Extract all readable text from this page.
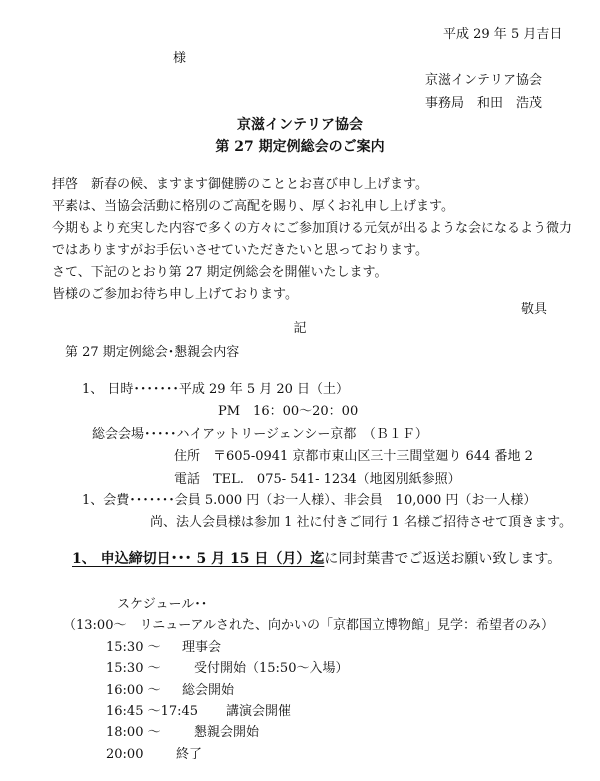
平成 29 年 5 月吉日
様
京滋インテリア協会
事務局　和田　浩茂
京滋インテリア協会
第 27 期定例総会のご案内
拝啓　新春の候、ますます御健勝のこととお喜び申し上げます。
平素は、当協会活動に格別のご高配を賜り、厚くお礼申し上げます。
今期もより充実した内容で多くの方々にご参加頂ける元気が出るような会になるよう微力
ではありますがお手伝いさせていただきたいと思っております。
さて、下記のとおり第 27 期定例総会を開催いたします。
皆様のご参加お待ち申し上げております。
敬具
記
第 27 期定例総会･懇親会内容
1、 日時･･･････平成 29 年 5 月 20 日（土）
PM　16：00〜20：00
総会会場･････ハイアットリージェンシー京都　（Ｂ１Ｆ）
住所　〒605-0941 京都市東山区三十三間堂廻り 644 番地 2
電話　TEL.　075‐ 541‐ 1234（地図別紙参照）
1、会費･･･････会員 5.000 円（お一人様）、非会員　10,000 円（お一人様）
尚、法人会員様は参加 1 社に付きご同行 1 名様ご招待させて頂きます。
1、 申込締切日･･･ 5 月 15 日（月）迄に同封葉書でご返送お願い致します。
スケジュール･･
（13:00〜　リニューアルされた、向かいの「京都国立博物館」見学：希望者のみ）
15:30 〜 理事会
15:30 〜	受付開始（15:50〜入場）
16:00 〜 総会開始
16:45 〜17:45 講演会開催
18:00 〜	懇親会開始
20:00	終了
